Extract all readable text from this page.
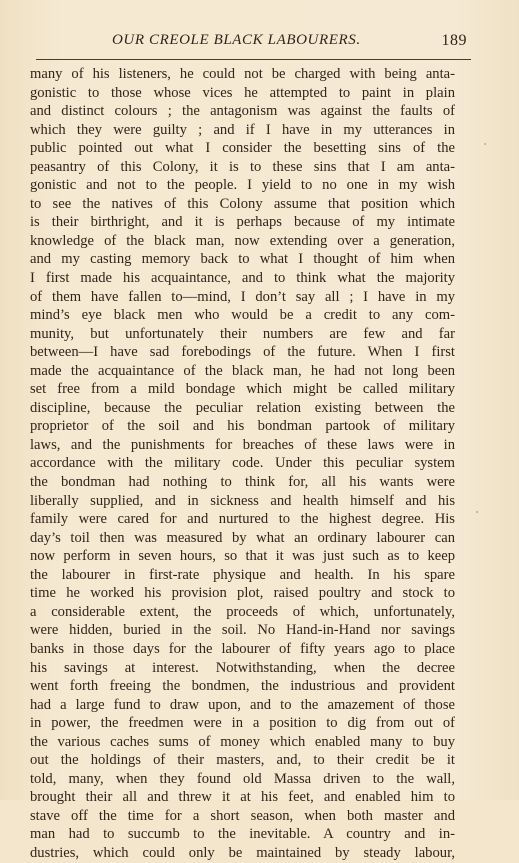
OUR CREOLE BLACK LABOURERS.	189
many of his listeners, he could not be charged with being anta-
gonistic to those whose vices he attempted to paint in plain
and distinct colours ; the antagonism was against the faults of
which they were guilty ; and if I have in my utterances in
public pointed out what I consider the besetting sins of the
peasantry of this Colony, it is to these sins that I am anta-
gonistic and not to the people. I yield to no one in my wish
to see the natives of this Colony assume that position which
is their birthright, and it is perhaps because of my intimate
knowledge of the black man, now extending over a generation,
and my casting memory back to what I thought of him when
I first made his acquaintance, and to think what the majority
of them have fallen to—mind, I don’t say all ; I have in my
mind’s eye black men who would be a credit to any com-
munity, but unfortunately their numbers are few and far
between—I have sad forebodings of the future. When I first
made the acquaintance of the black man, he had not long been
set free from a mild bondage which might be called military
discipline, because the peculiar relation existing between the
proprietor of the soil and his bondman partook of military
laws, and the punishments for breaches of these laws were in
accordance with the military code. Under this peculiar system
the bondman had nothing to think for, all his wants were
liberally supplied, and in sickness and health himself and his
family were cared for and nurtured to the highest degree. His
day’s toil then was measured by what an ordinary labourer can
now perform in seven hours, so that it was just such as to keep
the labourer in first-rate physique and health. In his spare
time he worked his provision plot, raised poultry and stock to
a considerable extent, the proceeds of which, unfortunately,
were hidden, buried in the soil. No Hand-in-Hand nor savings
banks in those days for the labourer of fifty years ago to place
his savings at interest. Notwithstanding, when the decree
went forth freeing the bondmen, the industrious and provident
had a large fund to draw upon, and to the amazement of those
in power, the freedmen were in a position to dig from out of
the various caches sums of money which enabled many to buy
out the holdings of their masters, and, to their credit be it
told, many, when they found old Massa driven to the wall,
brought their all and threw it at his feet, and enabled him to
stave off the time for a short season, when both master and
man had to succumb to the inevitable. A country and in-
dustries, which could only be maintained by steady labour,
